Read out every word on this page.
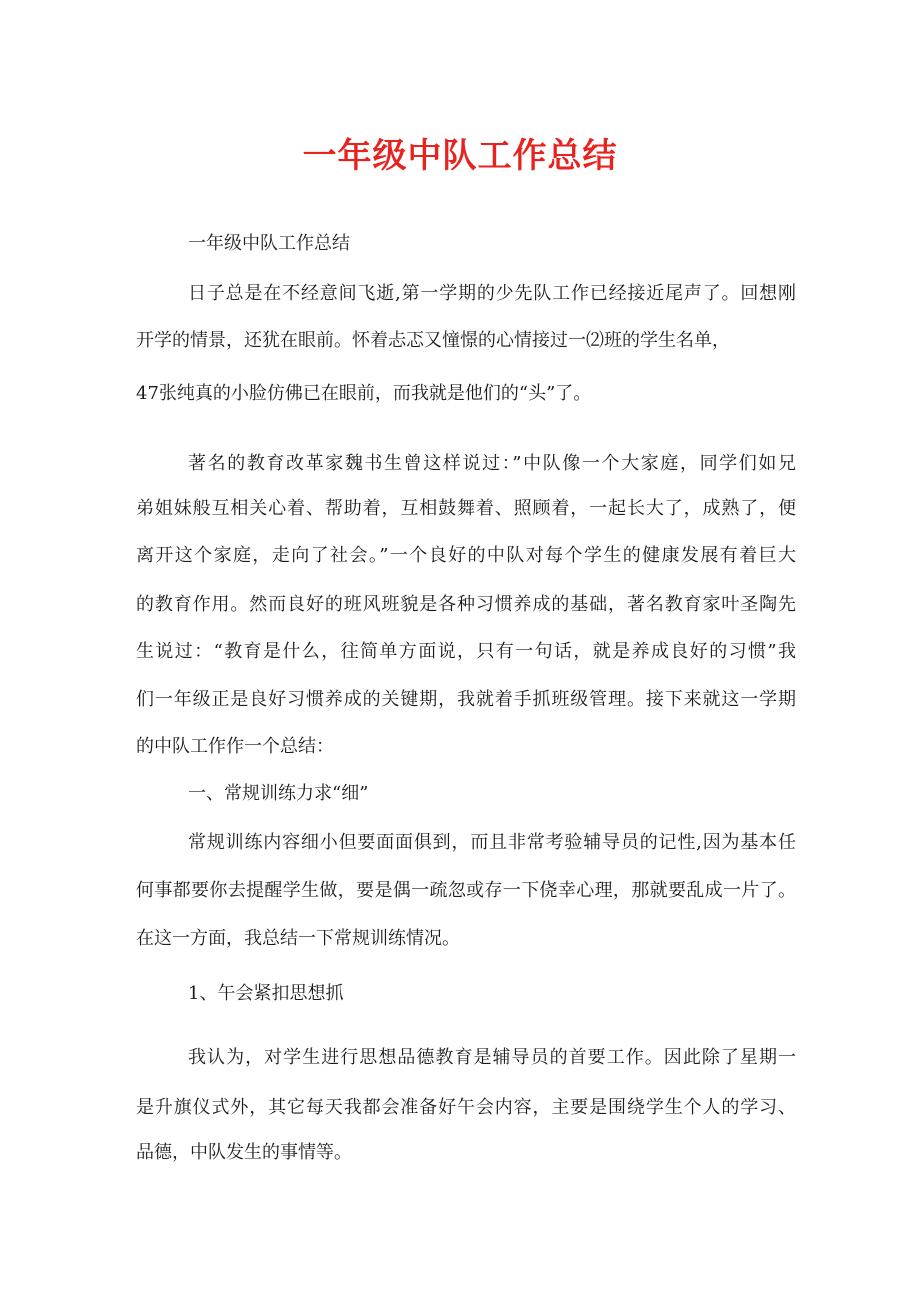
一年级中队工作总结

一年级中队工作总结

日子总是在不经意间飞逝,第一学期的少先队工作已经接近尾声了。回想刚

开学的情景，还犹在眼前。怀着忐忑又憧憬的心情接过一⑵班的学生名单，

47张纯真的小脸仿佛已在眼前，而我就是他们的“头”了。

著名的教育改革家魏书生曾这样说过：”中队像一个大家庭，同学们如兄

弟姐妹般互相关心着、帮助着，互相鼓舞着、照顾着，一起长大了，成熟了，便

离开这个家庭，走向了社会。”一个良好的中队对每个学生的健康发展有着巨大

的教育作用。然而良好的班风班貌是各种习惯养成的基础，著名教育家叶圣陶先

生说过：“教育是什么，往简单方面说，只有一句话，就是养成良好的习惯”我

们一年级正是良好习惯养成的关键期，我就着手抓班级管理。接下来就这一学期

的中队工作作一个总结：

一、常规训练力求“细”

常规训练内容细小但要面面俱到，而且非常考验辅导员的记性,因为基本任

何事都要你去提醒学生做，要是偶一疏忽或存一下侥幸心理，那就要乱成一片了。

在这一方面，我总结一下常规训练情况。

1、午会紧扣思想抓

我认为，对学生进行思想品德教育是辅导员的首要工作。因此除了星期一

是升旗仪式外，其它每天我都会准备好午会内容，主要是围绕学生个人的学习、

品德，中队发生的事情等。
